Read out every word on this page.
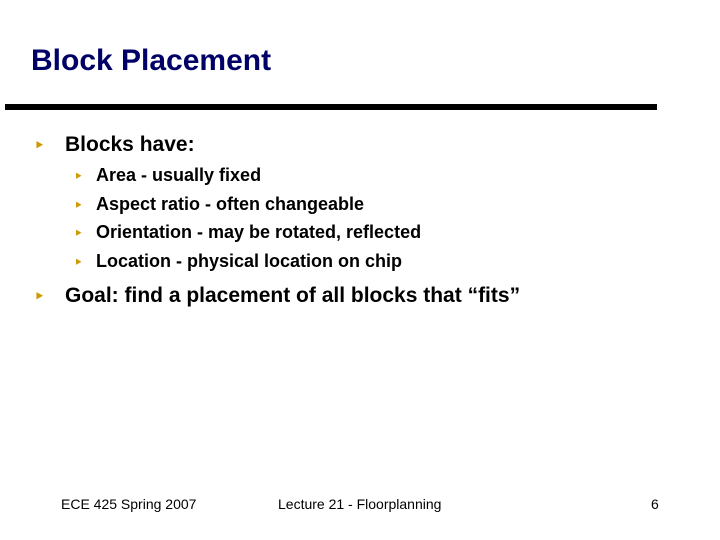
Block Placement
‣ Blocks have:
‣ Area - usually fixed
‣ Aspect ratio - often changeable
‣ Orientation - may be rotated, reflected
‣ Location - physical location on chip
‣ Goal: find a placement of all blocks that “fits”
ECE 425 Spring 2007	Lecture 21 - Floorplanning	6
